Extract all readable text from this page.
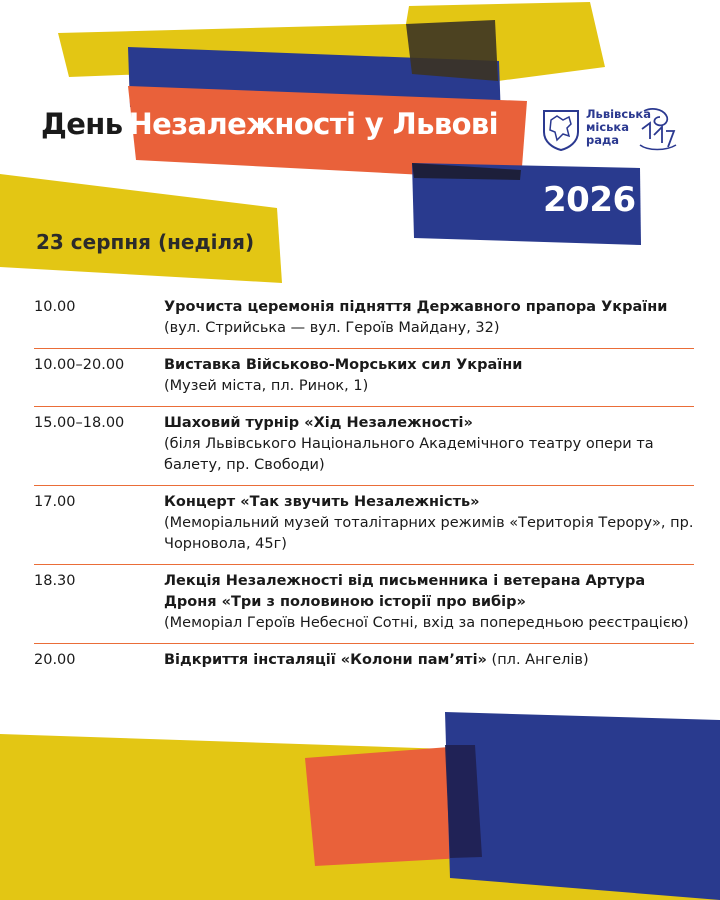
День Незалежності у Львові
2026
Львівська
міська
рада
23 серпня (неділя)
10.00	Урочиста церемонія підняття Державного прапора України
(вул. Стрийська — вул. Героїв Майдану, 32)
10.00–20.00	Виставка Військово-Морських сил України
(Музей міста, пл. Ринок, 1)
15.00–18.00	Шаховий турнір «Хід Незалежності»
(біля Львівського Національного Академічного театру опери та балету, пр. Свободи)
17.00	Концерт «Так звучить Незалежність»
(Меморіальний музей тоталітарних режимів «Територія Терору», пр. Чорновола, 45г)
18.30	Лекція Незалежності від письменника і ветерана Артура Дроня «Три з половиною історії про вибір»
(Меморіал Героїв Небесної Сотні, вхід за попередньою реєстрацією)
20.00	Відкриття інсталяції «Колони пам’яті» (пл. Ангелів)
